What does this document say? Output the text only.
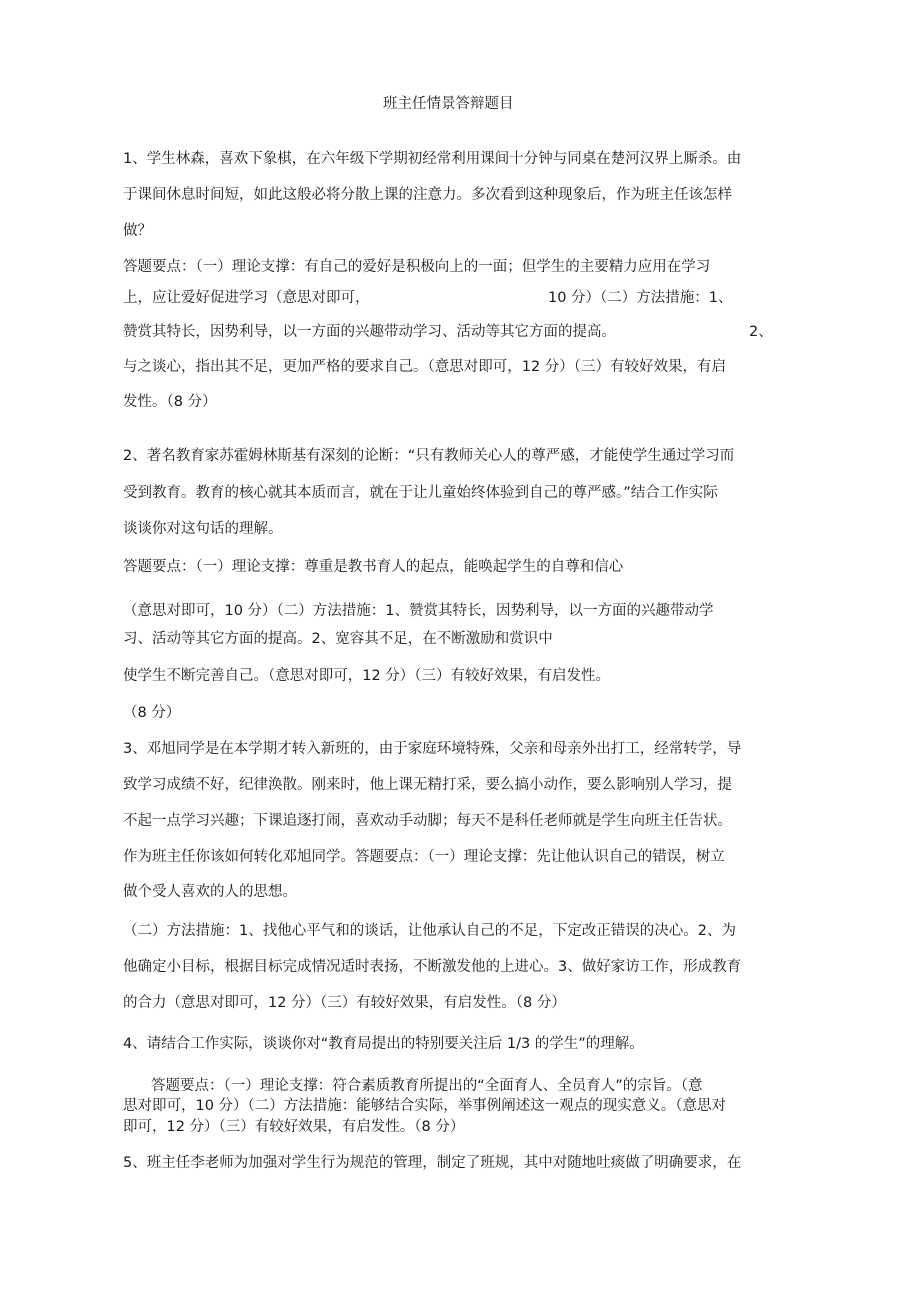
班主任情景答辩题目
1、学生林森，喜欢下象棋，在六年级下学期初经常利用课间十分钟与同桌在楚河汉界上厮杀。由
于课间休息时间短，如此这般必将分散上课的注意力。多次看到这种现象后，作为班主任该怎样
做？
答题要点：（一）理论支撑：有自己的爱好是积极向上的一面；但学生的主要精力应用在学习
上，应让爱好促进学习（意思对即可，	10 分）（二）方法措施：1、
赞赏其特长，因势利导，以一方面的兴趣带动学习、活动等其它方面的提高。	2、
与之谈心，指出其不足，更加严格的要求自己。（意思对即可，12 分）（三）有较好效果，有启
发性。（8 分）
2、著名教育家苏霍姆林斯基有深刻的论断：“只有教师关心人的尊严感，才能使学生通过学习而
受到教育。教育的核心就其本质而言，就在于让儿童始终体验到自己的尊严感。”结合工作实际
谈谈你对这句话的理解。
答题要点：（一）理论支撑：尊重是教书育人的起点，能唤起学生的自尊和信心
（意思对即可，10 分）（二）方法措施：1、赞赏其特长，因势利导，以一方面的兴趣带动学
习、活动等其它方面的提高。2、宽容其不足，在不断激励和赏识中
使学生不断完善自己。（意思对即可，12 分）（三）有较好效果，有启发性。
（8 分）
3、邓旭同学是在本学期才转入新班的，由于家庭环境特殊，父亲和母亲外出打工，经常转学，导
致学习成绩不好，纪律涣散。刚来时，他上课无精打采，要么搞小动作，要么影响别人学习，提
不起一点学习兴趣；下课追逐打闹，喜欢动手动脚；每天不是科任老师就是学生向班主任告状。
作为班主任你该如何转化邓旭同学。答题要点：（一）理论支撑：先让他认识自己的错误，树立
做个受人喜欢的人的思想。
（二）方法措施：1、找他心平气和的谈话，让他承认自己的不足，下定改正错误的决心。2、为
他确定小目标，根据目标完成情况适时表扬，不断激发他的上进心。3、做好家访工作，形成教育
的合力（意思对即可，12 分）（三）有较好效果，有启发性。（8 分）
4、请结合工作实际，谈谈你对“教育局提出的特别要关注后 1/3 的学生”的理解。
答题要点：（一）理论支撑：符合素质教育所提出的“全面育人、全员育人”的宗旨。（意
思对即可，10 分）（二）方法措施：能够结合实际，举事例阐述这一观点的现实意义。（意思对
即可，12 分）（三）有较好效果，有启发性。（8 分）
5、班主任李老师为加强对学生行为规范的管理，制定了班规，其中对随地吐痰做了明确要求，在
